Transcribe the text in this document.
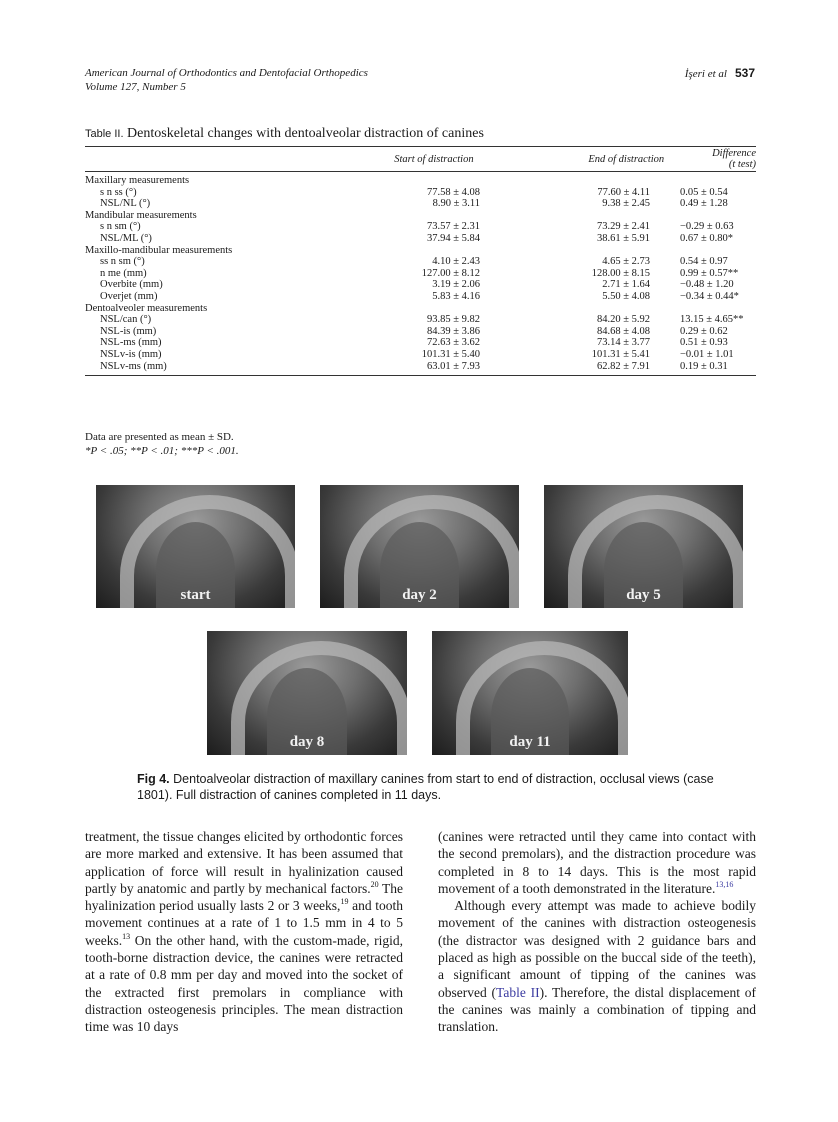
American Journal of Orthodontics and Dentofacial Orthopedics
Volume 127, Number 5
İşeri et al 537
Table II. Dentoskeletal changes with dentoalveolar distraction of canines
	Start of distraction	End of distraction	Difference (t test)
Maxillary measurements			
s n ss (°)	77.58 ± 4.08	77.60 ± 4.11	0.05 ± 0.54
NSL/NL (°)	8.90 ± 3.11	9.38 ± 2.45	0.49 ± 1.28
Mandibular measurements			
s n sm (°)	73.57 ± 2.31	73.29 ± 2.41	−0.29 ± 0.63
NSL/ML (°)	37.94 ± 5.84	38.61 ± 5.91	0.67 ± 0.80*
Maxillo-mandibular measurements			
ss n sm (°)	4.10 ± 2.43	4.65 ± 2.73	0.54 ± 0.97
n me (mm)	127.00 ± 8.12	128.00 ± 8.15	0.99 ± 0.57**
Overbite (mm)	3.19 ± 2.06	2.71 ± 1.64	−0.48 ± 1.20
Overjet (mm)	5.83 ± 4.16	5.50 ± 4.08	−0.34 ± 0.44*
Dentoalveoler measurements			
NSL/can (°)	93.85 ± 9.82	84.20 ± 5.92	13.15 ± 4.65**
NSL-is (mm)	84.39 ± 3.86	84.68 ± 4.08	0.29 ± 0.62
NSL-ms (mm)	72.63 ± 3.62	73.14 ± 3.77	0.51 ± 0.93
NSLv-is (mm)	101.31 ± 5.40	101.31 ± 5.41	−0.01 ± 1.01
NSLv-ms (mm)	63.01 ± 7.93	62.82 ± 7.91	0.19 ± 0.31
Data are presented as mean ± SD.
*P < .05; **P < .01; ***P < .001.
start	day 2	day 5
day 8	day 11
Fig 4. Dentoalveolar distraction of maxillary canines from start to end of distraction, occlusal views (case 1801). Full distraction of canines completed in 11 days.

treatment, the tissue changes elicited by orthodontic forces are more marked and extensive. It has been assumed that application of force will result in hyalinization caused partly by anatomic and partly by mechanical factors.$^{20}$ The hyalinization period usually lasts 2 or 3 weeks,$^{19}$ and tooth movement continues at a rate of 1 to 1.5 mm in 4 to 5 weeks.$^{13}$ On the other hand, with the custom-made, rigid, tooth-borne distraction device, the canines were retracted at a rate of 0.8 mm per day and moved into the socket of the extracted first premolars in compliance with distraction osteogenesis principles. The mean distraction time was 10 days

(canines were retracted until they came into contact with the second premolars), and the distraction procedure was completed in 8 to 14 days. This is the most rapid movement of a tooth demonstrated in the literature.$^{13,16}$

Although every attempt was made to achieve bodily movement of the canines with distraction osteogenesis (the distractor was designed with 2 guidance bars and placed as high as possible on the buccal side of the teeth), a significant amount of tipping of the canines was observed (Table II). Therefore, the distal displacement of the canines was mainly a combination of tipping and translation.
